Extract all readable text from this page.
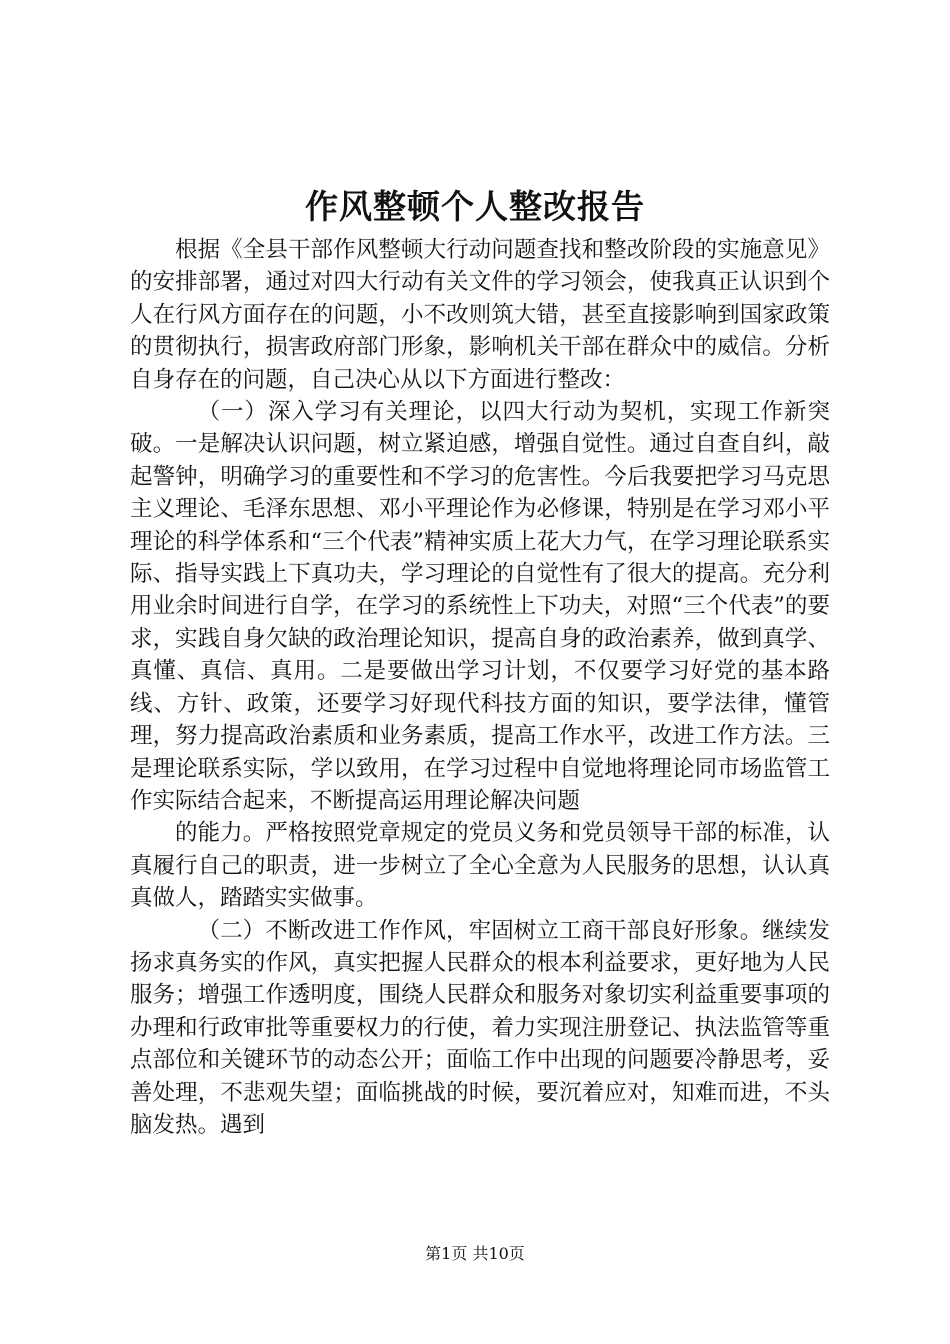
作风整顿个人整改报告

根据《全县干部作风整顿大行动问题查找和整改阶段的实施意见》的安排部署，通过对四大行动有关文件的学习领会，使我真正认识到个人在行风方面存在的问题，小不改则筑大错，甚至直接影响到国家政策的贯彻执行，损害政府部门形象，影响机关干部在群众中的威信。分析自身存在的问题，自己决心从以下方面进行整改：

（一）深入学习有关理论，以四大行动为契机，实现工作新突破。一是解决认识问题，树立紧迫感，增强自觉性。通过自查自纠，敲起警钟，明确学习的重要性和不学习的危害性。今后我要把学习马克思主义理论、毛泽东思想、邓小平理论作为必修课，特别是在学习邓小平理论的科学体系和“三个代表”精神实质上花大力气，在学习理论联系实际、指导实践上下真功夫，学习理论的自觉性有了很大的提高。充分利用业余时间进行自学，在学习的系统性上下功夫，对照“三个代表”的要求，实践自身欠缺的政治理论知识，提高自身的政治素养，做到真学、真懂、真信、真用。二是要做出学习计划，不仅要学习好党的基本路线、方针、政策，还要学习好现代科技方面的知识，要学法律，懂管理，努力提高政治素质和业务素质，提高工作水平，改进工作方法。三是理论联系实际，学以致用，在学习过程中自觉地将理论同市场监管工作实际结合起来，不断提高运用理论解决问题

的能力。严格按照党章规定的党员义务和党员领导干部的标准，认真履行自己的职责，进一步树立了全心全意为人民服务的思想，认认真真做人，踏踏实实做事。

（二）不断改进工作作风，牢固树立工商干部良好形象。继续发扬求真务实的作风，真实把握人民群众的根本利益要求，更好地为人民服务；增强工作透明度，围绕人民群众和服务对象切实利益重要事项的办理和行政审批等重要权力的行使，着力实现注册登记、执法监管等重点部位和关键环节的动态公开；面临工作中出现的问题要冷静思考，妥善处理，不悲观失望；面临挑战的时候，要沉着应对，知难而进，不头脑发热。遇到

第1页 共10页
